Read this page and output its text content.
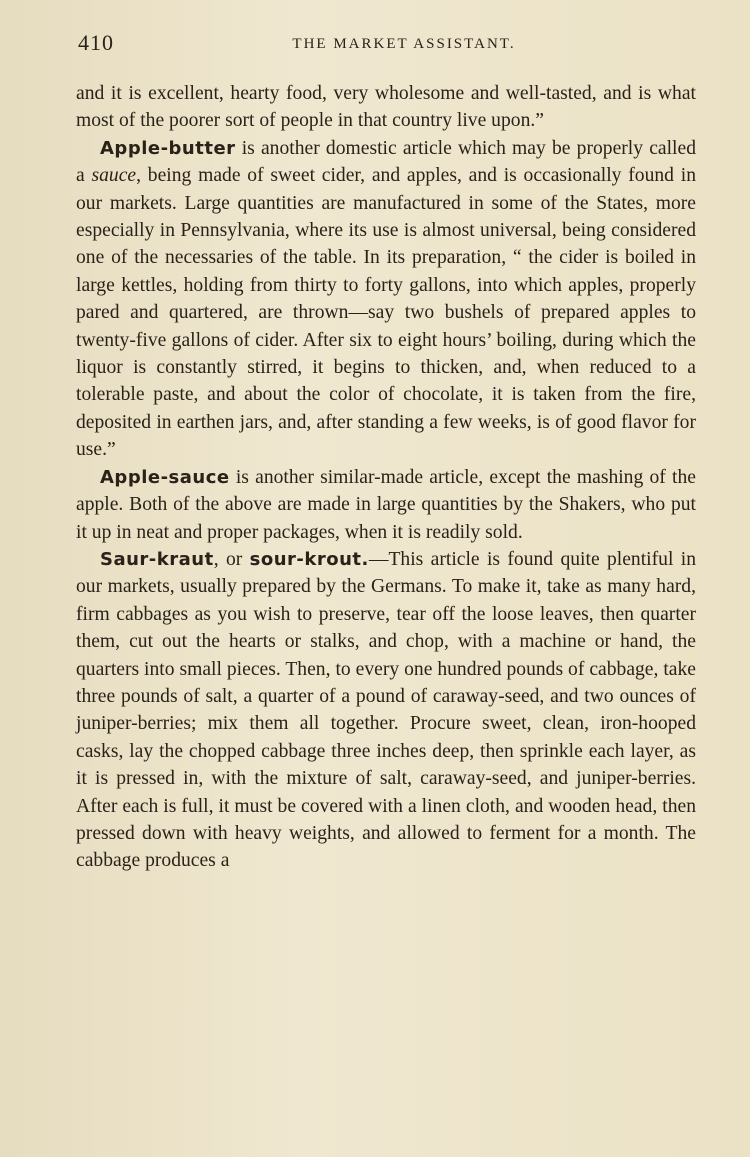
410	THE MARKET ASSISTANT.

and it is excellent, hearty food, very wholesome and well-tasted, and is what most of the poorer sort of people in that country live upon.”

Apple-butter is another domestic article which may be properly called a sauce, being made of sweet cider, and apples, and is occasionally found in our markets. Large quantities are manufactured in some of the States, more especially in Pennsylvania, where its use is almost universal, being considered one of the necessaries of the table. In its preparation, “ the cider is boiled in large kettles, holding from thirty to forty gallons, into which apples, properly pared and quartered, are thrown—say two bushels of prepared apples to twenty-five gallons of cider. After six to eight hours’ boiling, during which the liquor is constantly stirred, it begins to thicken, and, when reduced to a tolerable paste, and about the color of chocolate, it is taken from the fire, deposited in earthen jars, and, after standing a few weeks, is of good flavor for use.”

Apple-sauce is another similar-made article, except the mashing of the apple. Both of the above are made in large quantities by the Shakers, who put it up in neat and proper packages, when it is readily sold.

Saur-kraut, or sour-krout.—This article is found quite plentiful in our markets, usually prepared by the Germans. To make it, take as many hard, firm cabbages as you wish to preserve, tear off the loose leaves, then quarter them, cut out the hearts or stalks, and chop, with a machine or hand, the quarters into small pieces. Then, to every one hundred pounds of cabbage, take three pounds of salt, a quarter of a pound of caraway-seed, and two ounces of juniper-berries; mix them all together. Procure sweet, clean, iron-hooped casks, lay the chopped cabbage three inches deep, then sprinkle each layer, as it is pressed in, with the mixture of salt, caraway-seed, and juniper-berries. After each is full, it must be covered with a linen cloth, and wooden head, then pressed down with heavy weights, and allowed to ferment for a month. The cabbage produces a
